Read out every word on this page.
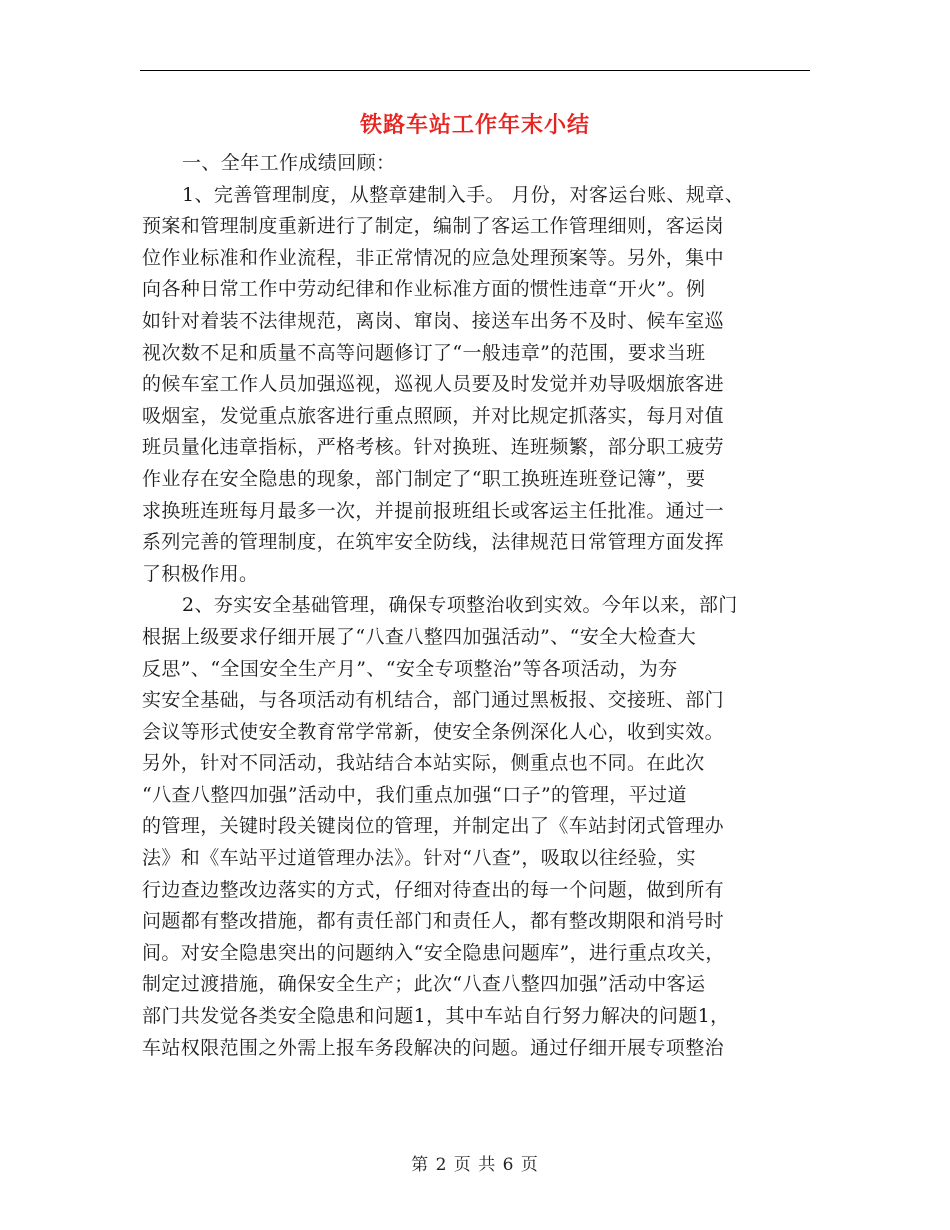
铁路车站工作年末小结
一、全年工作成绩回顾：
1、完善管理制度，从整章建制入手。 月份，对客运台账、规章、
预案和管理制度重新进行了制定，编制了客运工作管理细则，客运岗
位作业标准和作业流程，非正常情况的应急处理预案等。另外，集中
向各种日常工作中劳动纪律和作业标准方面的惯性违章“开火”。例
如针对着装不法律规范，离岗、窜岗、接送车出务不及时、候车室巡
视次数不足和质量不高等问题修订了“一般违章”的范围，要求当班
的候车室工作人员加强巡视，巡视人员要及时发觉并劝导吸烟旅客进
吸烟室，发觉重点旅客进行重点照顾，并对比规定抓落实，每月对值
班员量化违章指标，严格考核。针对换班、连班频繁，部分职工疲劳
作业存在安全隐患的现象，部门制定了“职工换班连班登记簿”，要
求换班连班每月最多一次，并提前报班组长或客运主任批准。通过一
系列完善的管理制度，在筑牢安全防线，法律规范日常管理方面发挥
了积极作用。
2、夯实安全基础管理，确保专项整治收到实效。今年以来，部门
根据上级要求仔细开展了“八查八整四加强活动”、“安全大检查大
反思”、“全国安全生产月”、“安全专项整治”等各项活动，为夯
实安全基础，与各项活动有机结合，部门通过黑板报、交接班、部门
会议等形式使安全教育常学常新，使安全条例深化人心，收到实效。
另外，针对不同活动，我站结合本站实际，侧重点也不同。在此次
“八查八整四加强”活动中，我们重点加强“口子”的管理，平过道
的管理，关键时段关键岗位的管理，并制定出了《车站封闭式管理办
法》和《车站平过道管理办法》。针对“八查”，吸取以往经验，实
行边查边整改边落实的方式，仔细对待查出的每一个问题，做到所有
问题都有整改措施，都有责任部门和责任人，都有整改期限和消号时
间。对安全隐患突出的问题纳入“安全隐患问题库”，进行重点攻关，
制定过渡措施，确保安全生产；此次“八查八整四加强”活动中客运
部门共发觉各类安全隐患和问题1，其中车站自行努力解决的问题1，
车站权限范围之外需上报车务段解决的问题。通过仔细开展专项整治
第 2 页 共 6 页
